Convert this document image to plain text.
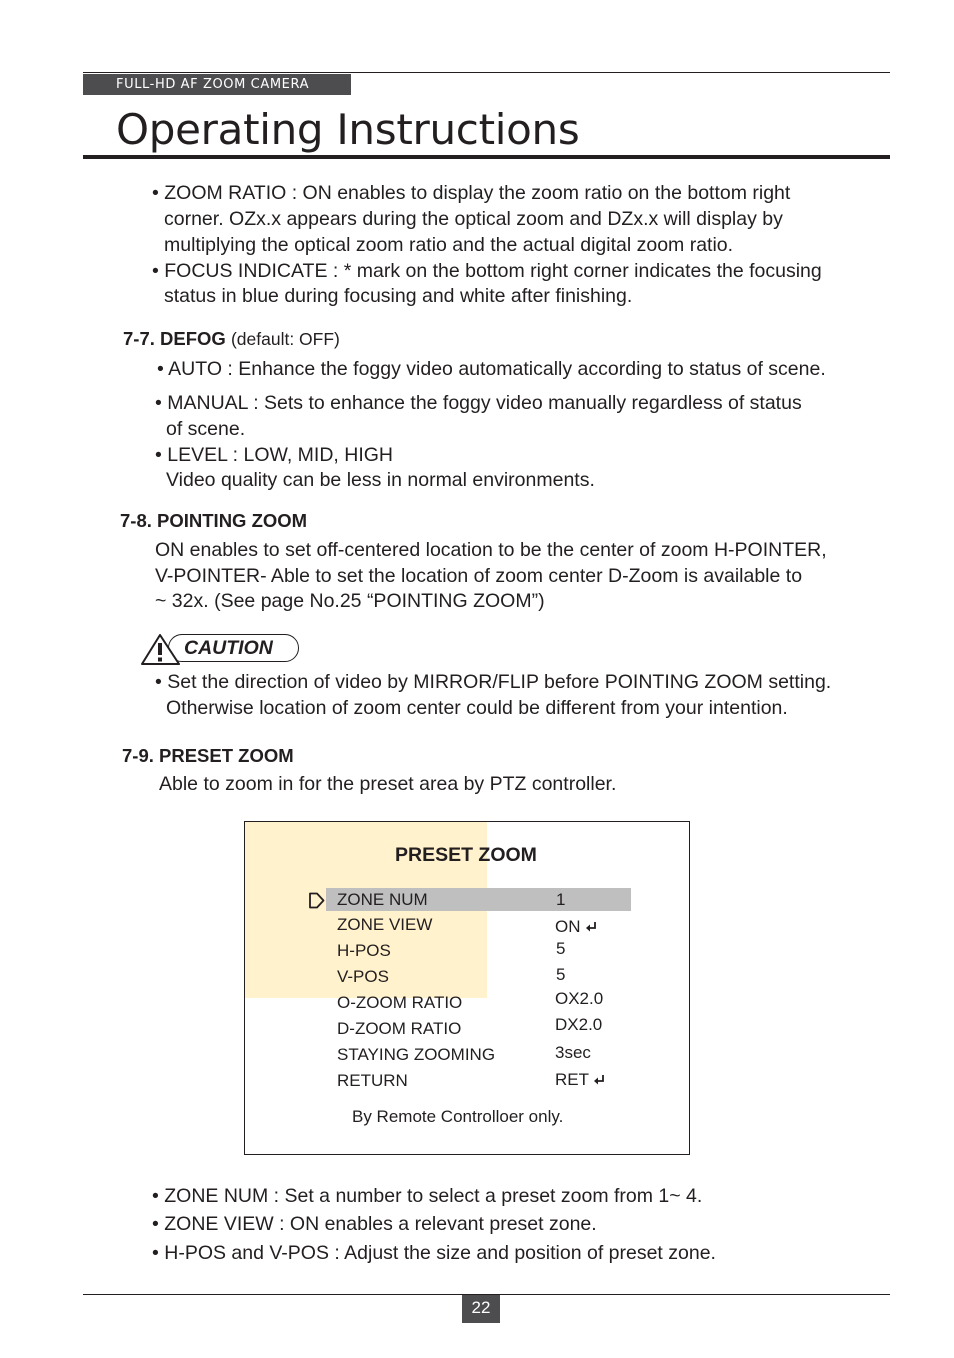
FULL-HD AF ZOOM CAMERA
Operating Instructions
• ZOOM RATIO : ON enables to display the zoom ratio on the bottom right
corner. OZx.x appears during the optical zoom and DZx.x will display by
multiplying the optical zoom ratio and the actual digital zoom ratio.
• FOCUS INDICATE : * mark on the bottom right corner indicates the focusing
status in blue during focusing and white after finishing.
7-7. DEFOG (default: OFF)
• AUTO : Enhance the foggy video automatically according to status of scene.
• MANUAL : Sets to enhance the foggy video manually regardless of status
of scene.
• LEVEL : LOW, MID, HIGH
Video quality can be less in normal environments.
7-8. POINTING ZOOM
ON enables to set off-centered location to be the center of zoom H-POINTER,
V-POINTER- Able to set the location of zoom center D-Zoom is available to
~ 32x. (See page No.25 “POINTING ZOOM”)
CAUTION
• Set the direction of video by MIRROR/FLIP before POINTING ZOOM setting.
Otherwise location of zoom center could be different from your intention.
7-9. PRESET ZOOM
Able to zoom in for the preset area by PTZ controller.
PRESET ZOOM
ZONE NUM	1
ZONE VIEW	ON
H-POS	5
V-POS	5
O-ZOOM RATIO	OX2.0
D-ZOOM RATIO	DX2.0
STAYING ZOOMING	3sec
RETURN	RET
By Remote Controlloer only.
• ZONE NUM : Set a number to select a preset zoom from 1~ 4.
• ZONE VIEW : ON enables a relevant preset zone.
• H-POS and V-POS : Adjust the size and position of preset zone.
22
